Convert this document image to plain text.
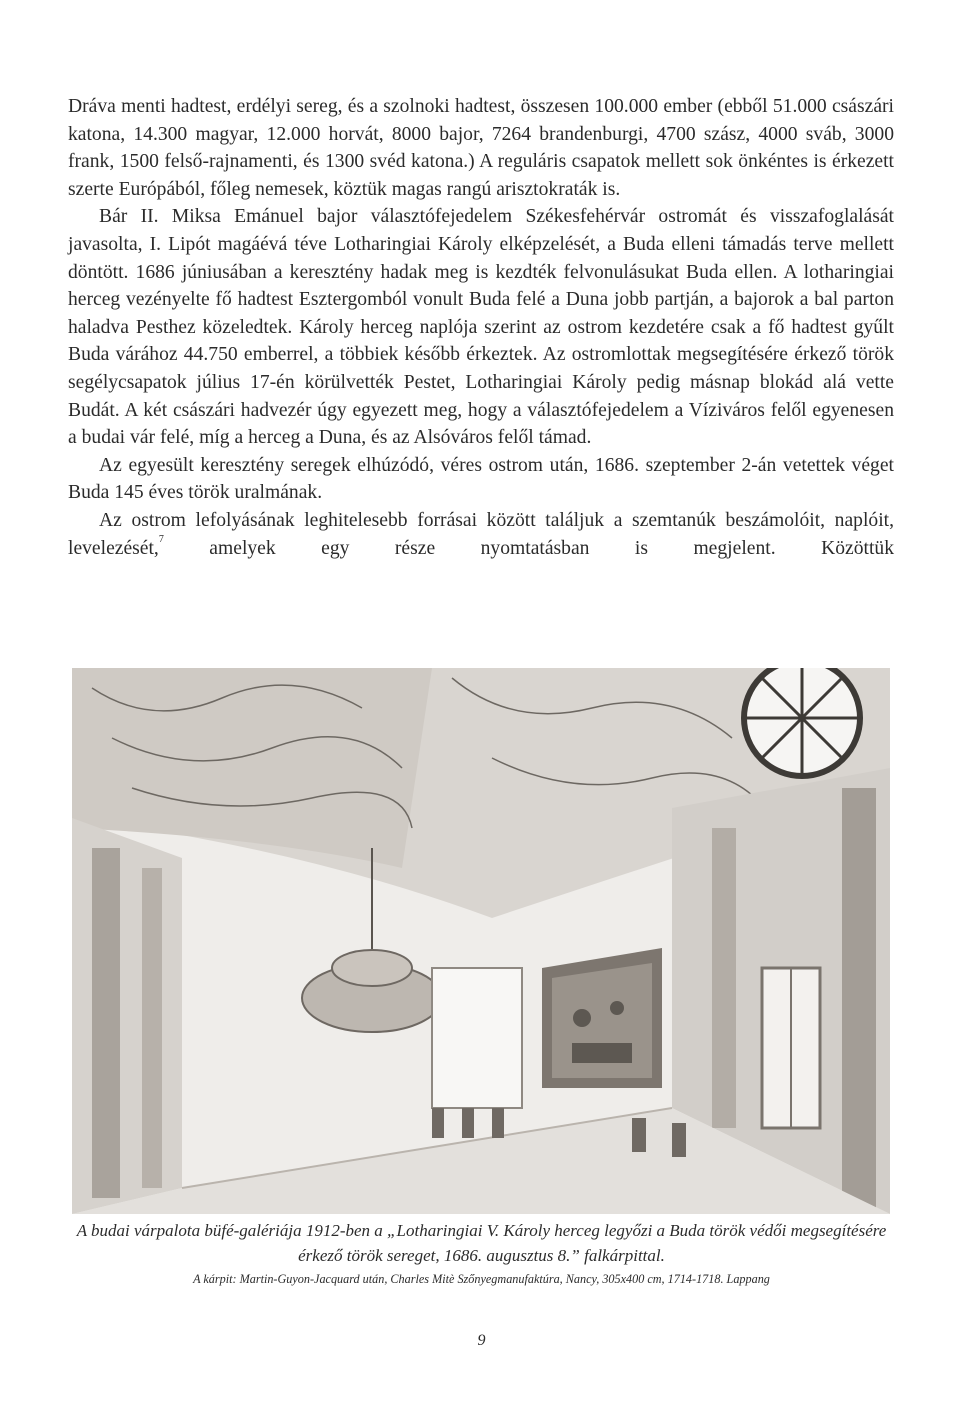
Dráva menti hadtest, erdélyi sereg, és a szolnoki hadtest, összesen 100.000 ember (ebből 51.000 császári katona, 14.300 magyar, 12.000 horvát, 8000 bajor, 7264 brandenburgi, 4700 szász, 4000 sváb, 3000 frank, 1500 felső-rajnamenti, és 1300 svéd katona.) A reguláris csapatok mellett sok önkéntes is érkezett szerte Európából, főleg nemesek, köztük magas rangú arisztokraták is.

Bár II. Miksa Emánuel bajor választófejedelem Székesfehérvár ostromát és visszafoglalását javasolta, I. Lipót magáévá téve Lotharingiai Károly elképzelését, a Buda elleni támadás terve mellett döntött. 1686 júniusában a keresztény hadak meg is kezdték felvonulásukat Buda ellen. A lotharingiai herceg vezényelte fő hadtest Esztergomból vonult Buda felé a Duna jobb partján, a bajorok a bal parton haladva Pesthez közeledtek. Károly herceg naplója szerint az ostrom kezdetére csak a fő hadtest gyűlt Buda várához 44.750 emberrel, a többiek később érkeztek. Az ostromlottak megsegítésére érkező török segélycsapatok július 17-én körülvették Pestet, Lotharingiai Károly pedig másnap blokád alá vette Budát. A két császári hadvezér úgy egyezett meg, hogy a választófejedelem a Víziváros felől egyenesen a budai vár felé, míg a herceg a Duna, és az Alsóváros felől támad.

Az egyesült keresztény seregek elhúzódó, véres ostrom után, 1686. szeptember 2-án vetettek véget Buda 145 éves török uralmának.

Az ostrom lefolyásának leghitelesebb forrásai között találjuk a szemtanúk beszámolóit, naplóit, levelezését,$^7$ amelyek egy része nyomtatásban is megjelent. Közöttük

A budai várpalota büfé-galériája 1912-ben a „Lotharingiai V. Károly herceg legyőzi a Buda török védői megsegítésére érkező török sereget, 1686. augusztus 8.” falkárpittal.

A kárpit: Martin-Guyon-Jacquard után, Charles Mitè Szőnyegmanufaktúra, Nancy, 305x400 cm, 1714-1718. Lappang

9
